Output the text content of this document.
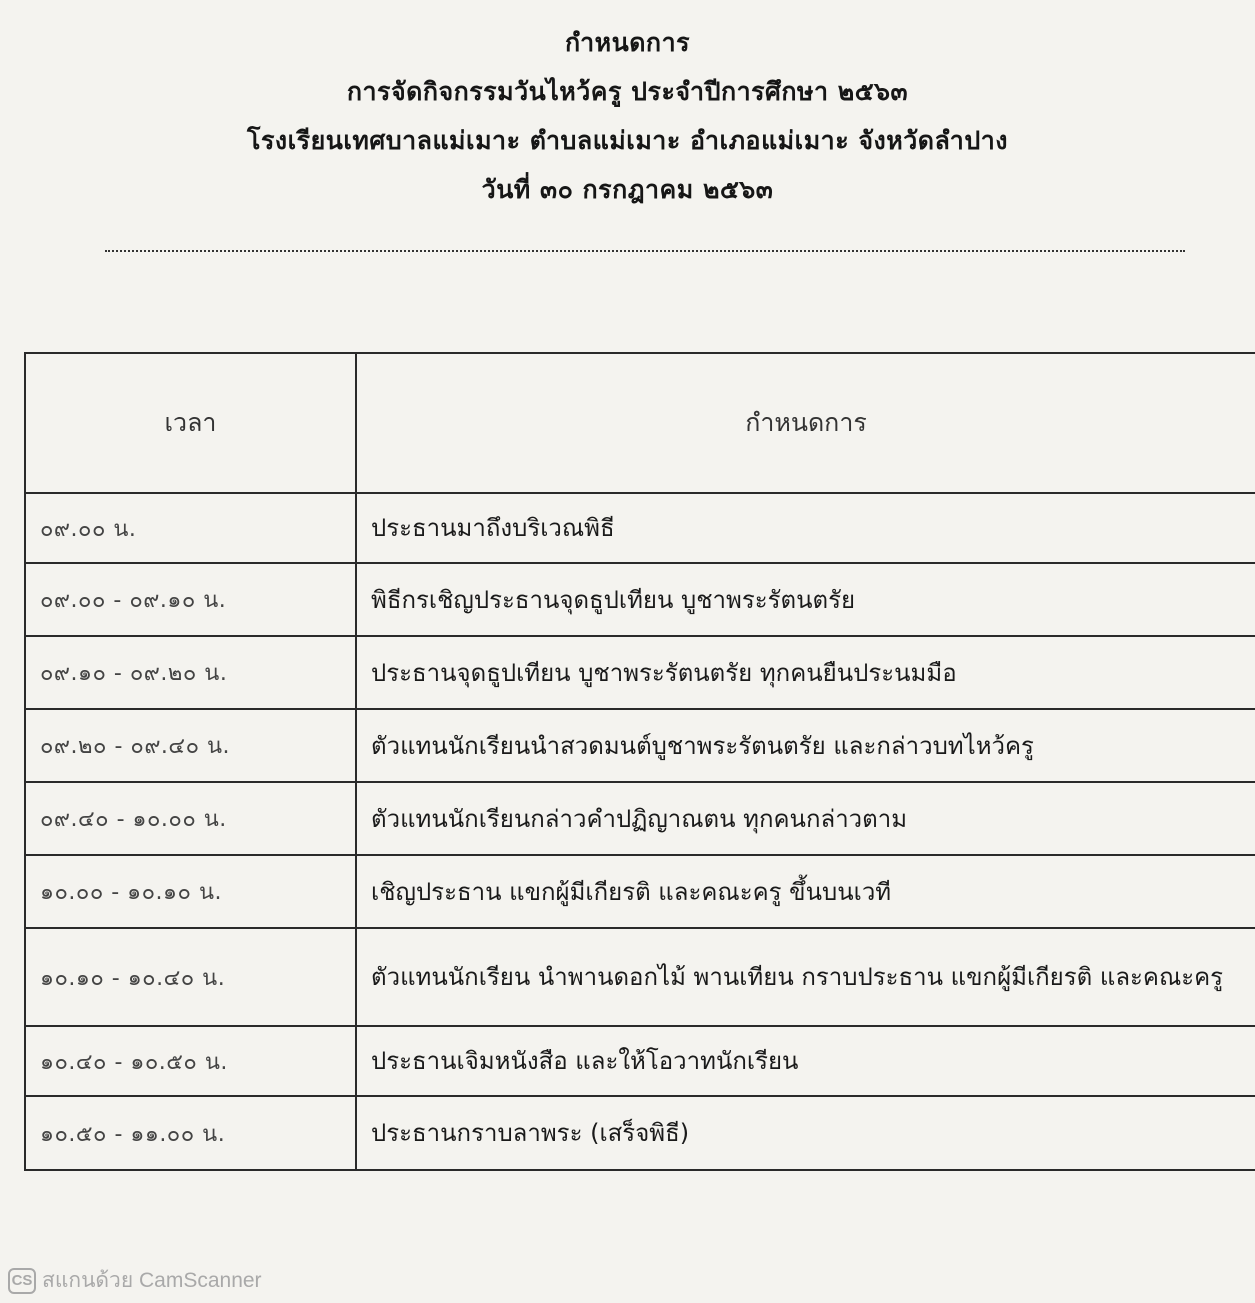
กำหนดการ
การจัดกิจกรรมวันไหว้ครู ประจำปีการศึกษา ๒๕๖๓
โรงเรียนเทศบาลแม่เมาะ ตำบลแม่เมาะ อำเภอแม่เมาะ จังหวัดลำปาง
วันที่ ๓๐ กรกฎาคม ๒๕๖๓
เวลา	กำหนดการ
๐๙.๐๐ น.	ประธานมาถึงบริเวณพิธี
๐๙.๐๐ - ๐๙.๑๐ น.	พิธีกรเชิญประธานจุดธูปเทียน บูชาพระรัตนตรัย
๐๙.๑๐ - ๐๙.๒๐ น.	ประธานจุดธูปเทียน บูชาพระรัตนตรัย ทุกคนยืนประนมมือ
๐๙.๒๐ - ๐๙.๔๐ น.	ตัวแทนนักเรียนนำสวดมนต์บูชาพระรัตนตรัย และกล่าวบทไหว้ครู
๐๙.๔๐ - ๑๐.๐๐ น.	ตัวแทนนักเรียนกล่าวคำปฏิญาณตน ทุกคนกล่าวตาม
๑๐.๐๐ - ๑๐.๑๐ น.	เชิญประธาน แขกผู้มีเกียรติ และคณะครู ขึ้นบนเวที
๑๐.๑๐ - ๑๐.๔๐ น.	ตัวแทนนักเรียน นำพานดอกไม้ พานเทียน กราบประธาน แขกผู้มีเกียรติ และคณะครู
๑๐.๔๐ - ๑๐.๕๐ น.	ประธานเจิมหนังสือ และให้โอวาทนักเรียน
๑๐.๕๐ - ๑๑.๐๐ น.	ประธานกราบลาพระ (เสร็จพิธี)
CS สแกนด้วย CamScanner
